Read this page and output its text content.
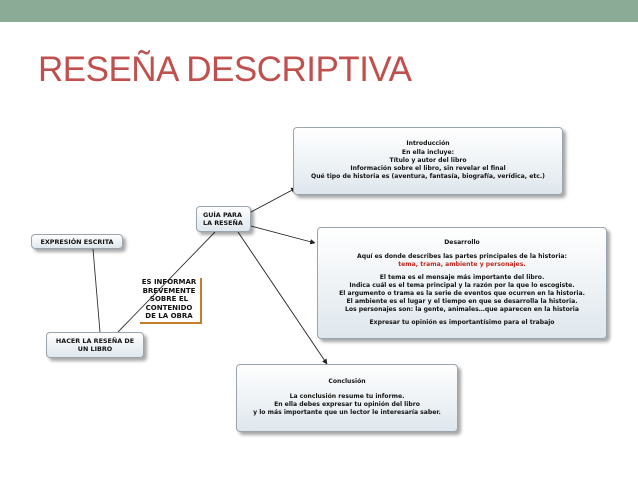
RESEÑA DESCRIPTIVA
Introducción
En ella incluye:
Título y autor del libro
Información sobre el libro, sin revelar el final
Qué tipo de historia es (aventura, fantasía, biografía, verídica, etc.)
GUÍA PARA
LA RESEÑA
EXPRESIÓN ESCRITA	Desarrollo
Aquí es donde describes las partes principales de la historia:
tema, trama, ambiente y personajes.
El tema es el mensaje más importante del libro.
Indica cuál es el tema principal y la razón por la que lo escogiste.
El argumento o trama es la serie de eventos que ocurren en la historia.
El ambiente es el lugar y el tiempo en que se desarrolla la historia.
Los personajes son: la gente, animales…que aparecen en la historia
Expresar tu opinión es importantísimo para el trabajo
ES INFORMAR
BREVEMENTE
SOBRE EL
CONTENIDO
DE LA OBRA
HACER LA RESEÑA DE
UN LIBRO
Conclusión
La conclusión resume tu informe.
En ella debes expresar tu opinión del libro
y lo más importante que un lector le interesaría saber.
